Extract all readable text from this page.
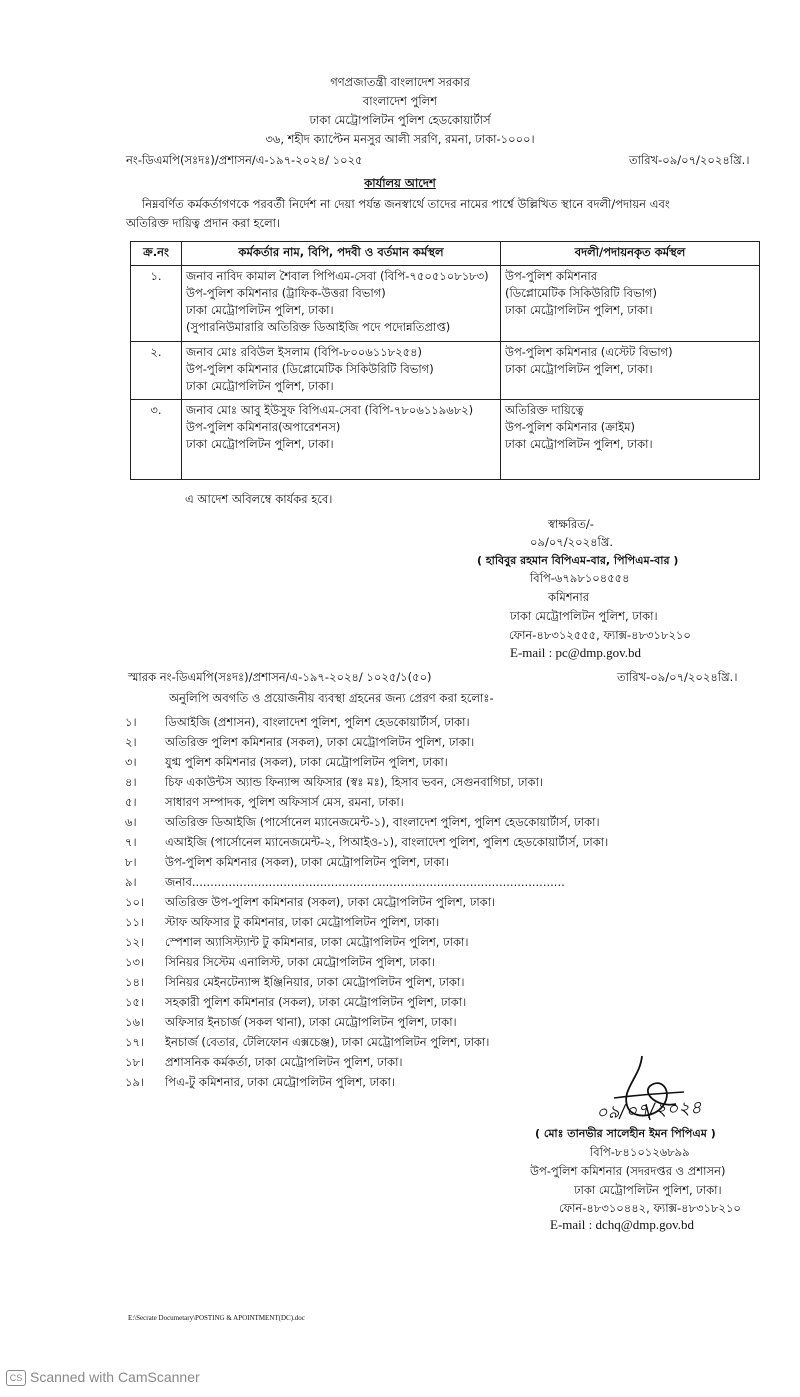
গণপ্রজাতন্ত্রী বাংলাদেশ সরকার
বাংলাদেশ পুলিশ
ঢাকা মেট্রোপলিটন পুলিশ হেডকোয়ার্টার্স
৩৬, শহীদ ক্যাপ্টেন মনসুর আলী সরণি, রমনা, ঢাকা-১০০০।
নং-ডিএমপি(সঃদঃ)/প্রশাসন/এ-১৯৭-২০২৪/ ১০২৫	তারিখ-০৯/০৭/২০২৪খ্রি.।
কার্যালয় আদেশ
নিম্নবর্ণিত কর্মকর্তাগণকে পরবর্তী নির্দেশ না দেয়া পর্যন্ত জনস্বার্থে তাদের নামের পার্শ্বে উল্লিখিত স্থানে বদলী/পদায়ন এবং
অতিরিক্ত দায়িত্ব প্রদান করা হলো।
ক্র.নং	কর্মকর্তার নাম, বিপি, পদবী ও বর্তমান কর্মস্থল	বদলী/পদায়নকৃত কর্মস্থল
১.	জনাব নাবিদ কামাল শৈবাল পিপিএম-সেবা (বিপি-৭৫০৫১০৮১৮৩)
উপ-পুলিশ কমিশনার (ট্রাফিক-উত্তরা বিভাগ)
ঢাকা মেট্রোপলিটন পুলিশ, ঢাকা।
(সুপারনিউমারারি অতিরিক্ত ডিআইজি পদে পদোন্নতিপ্রাপ্ত)	উপ-পুলিশ কমিশনার
(ডিপ্লোমেটিক সিকিউরিটি বিভাগ)
ঢাকা মেট্রোপলিটন পুলিশ, ঢাকা।

২.	জনাব মোঃ রবিউল ইসলাম (বিপি-৮০০৬১১৮২৫৪)
উপ-পুলিশ কমিশনার (ডিপ্লোমেটিক সিকিউরিটি বিভাগ)
ঢাকা মেট্রোপলিটন পুলিশ, ঢাকা।	উপ-পুলিশ কমিশনার (এস্টেট বিভাগ)
ঢাকা মেট্রোপলিটন পুলিশ, ঢাকা।

৩.	জনাব মোঃ আবু ইউসুফ বিপিএম-সেবা (বিপি-৭৮০৬১১৯৬৮২)
উপ-পুলিশ কমিশনার(অপারেশনস)
ঢাকা মেট্রোপলিটন পুলিশ, ঢাকা।	অতিরিক্ত দায়িত্বে
উপ-পুলিশ কমিশনার (ক্রাইম)
ঢাকা মেট্রোপলিটন পুলিশ, ঢাকা।
এ আদেশ অবিলম্বে কার্যকর হবে।
স্বাক্ষরিত/-
০৯/০৭/২০২৪খ্রি.
( হাবিবুর রহমান বিপিএম-বার, পিপিএম-বার )
বিপি-৬৭৯৮১০৪৫৫৪
কমিশনার
ঢাকা মেট্রোপলিটন পুলিশ, ঢাকা।
ফোন-৪৮৩১২৫৫৫, ফ্যাক্স-৪৮৩১৮২১০
E-mail : pc@dmp.gov.bd
স্মারক নং-ডিএমপি(সঃদঃ)/প্রশাসন/এ-১৯৭-২০২৪/ ১০২৫/১(৫০)	তারিখ-০৯/০৭/২০২৪খ্রি.।
অনুলিপি অবগতি ও প্রয়োজনীয় ব্যবস্থা গ্রহনের জন্য প্রেরণ করা হলোঃ-
১। ডিআইজি (প্রশাসন), বাংলাদেশ পুলিশ, পুলিশ হেডকোয়ার্টার্স, ঢাকা।
২। অতিরিক্ত পুলিশ কমিশনার (সকল), ঢাকা মেট্রোপলিটন পুলিশ, ঢাকা।
৩। যুগ্ম পুলিশ কমিশনার (সকল), ঢাকা মেট্রোপলিটন পুলিশ, ঢাকা।
৪। চিফ একাউন্টস অ্যান্ড ফিন্যান্স অফিসার (স্বঃ মঃ), হিসাব ভবন, সেগুনবাগিচা, ঢাকা।
৫। সাধারণ সম্পাদক, পুলিশ অফিসার্স মেস, রমনা, ঢাকা।
৬। অতিরিক্ত ডিআইজি (পার্সোনেল ম্যানেজমেন্ট-১), বাংলাদেশ পুলিশ, পুলিশ হেডকোয়ার্টার্স, ঢাকা।
৭। এআইজি (পার্সোনেল ম্যানেজমেন্ট-২, পিআইও-১), বাংলাদেশ পুলিশ, পুলিশ হেডকোয়ার্টার্স, ঢাকা।
৮। উপ-পুলিশ কমিশনার (সকল), ঢাকা মেট্রোপলিটন পুলিশ, ঢাকা।
৯। জনাব......................................................................................................
১০। অতিরিক্ত উপ-পুলিশ কমিশনার (সকল), ঢাকা মেট্রোপলিটন পুলিশ, ঢাকা।
১১। স্টাফ অফিসার টু কমিশনার, ঢাকা মেট্রোপলিটন পুলিশ, ঢাকা।
১২। স্পেশাল অ্যাসিস্ট্যান্ট টু কমিশনার, ঢাকা মেট্রোপলিটন পুলিশ, ঢাকা।
১৩। সিনিয়র সিস্টেম এনালিস্ট, ঢাকা মেট্রোপলিটন পুলিশ, ঢাকা।
১৪। সিনিয়র মেইনটেন্যান্স ইঞ্জিনিয়ার, ঢাকা মেট্রোপলিটন পুলিশ, ঢাকা।
১৫। সহকারী পুলিশ কমিশনার (সকল), ঢাকা মেট্রোপলিটন পুলিশ, ঢাকা।
১৬। অফিসার ইনচার্জ (সকল থানা), ঢাকা মেট্রোপলিটন পুলিশ, ঢাকা।
১৭। ইনচার্জ (বেতার, টেলিফোন এক্সচেঞ্জ), ঢাকা মেট্রোপলিটন পুলিশ, ঢাকা।
১৮। প্রশাসনিক কর্মকর্তা, ঢাকা মেট্রোপলিটন পুলিশ, ঢাকা।
১৯। পিএ-টু কমিশনার, ঢাকা মেট্রোপলিটন পুলিশ, ঢাকা।
০৯/০৭/২০২৪
( মোঃ তানভীর সালেহীন ইমন পিপিএম )
বিপি-৮৪১০১২৬৮৯৯
উপ-পুলিশ কমিশনার (সদরদপ্তর ও প্রশাসন)
ঢাকা মেট্রোপলিটন পুলিশ, ঢাকা।
ফোন-৪৮৩১০৪৪২, ফ্যাক্স-৪৮৩১৮২১০
E-mail : dchq@dmp.gov.bd
E:\Secrate Documetary\POSTING & APOINTMENT(DC).doc
CS Scanned with CamScanner
